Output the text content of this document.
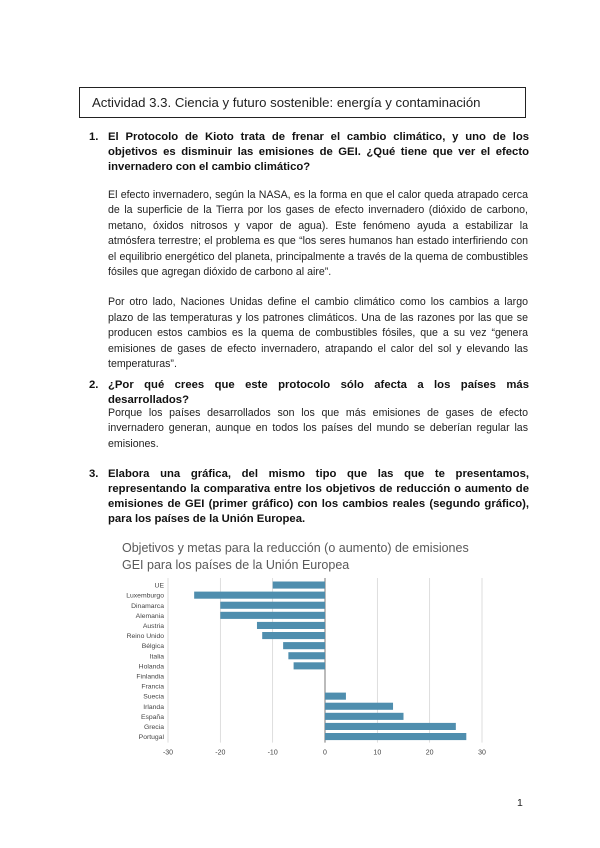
Actividad 3.3. Ciencia y futuro sostenible: energía y contaminación
1. El Protocolo de Kioto trata de frenar el cambio climático, y uno de los objetivos es disminuir las emisiones de GEI. ¿Qué tiene que ver el efecto invernadero con el cambio climático?

El efecto invernadero, según la NASA, es la forma en que el calor queda atrapado cerca de la superficie de la Tierra por los gases de efecto invernadero (dióxido de carbono, metano, óxidos nitrosos y vapor de agua). Este fenómeno ayuda a estabilizar la atmósfera terrestre; el problema es que “los seres humanos han estado interfiriendo con el equilibrio energético del planeta, principalmente a través de la quema de combustibles fósiles que agregan dióxido de carbono al aire”.

Por otro lado, Naciones Unidas define el cambio climático como los cambios a largo plazo de las temperaturas y los patrones climáticos. Una de las razones por las que se producen estos cambios es la quema de combustibles fósiles, que a su vez “genera emisiones de gases de efecto invernadero, atrapando el calor del sol y elevando las temperaturas”.

2. ¿Por qué crees que este protocolo sólo afecta a los países más desarrollados?

Porque los países desarrollados son los que más emisiones de gases de efecto invernadero generan, aunque en todos los países del mundo se deberían regular las emisiones.

3. Elabora una gráfica, del mismo tipo que las que te presentamos, representando la comparativa entre los objetivos de reducción o aumento de emisiones de GEI (primer gráfico) con los cambios reales (segundo gráfico), para los países de la Unión Europea.
Objetivos y metas para la reducción (o aumento) de emisiones
GEI para los países de la Unión Europea
-30	-20	-10	0	10	20	30
UE
Luxemburgo
Dinamarca
Alemania
Austria
Reino Unido
Bélgica
Italia
Holanda
Finlandia
Francia
Suecia
Irlanda
España
Grecia
Portugal
1
